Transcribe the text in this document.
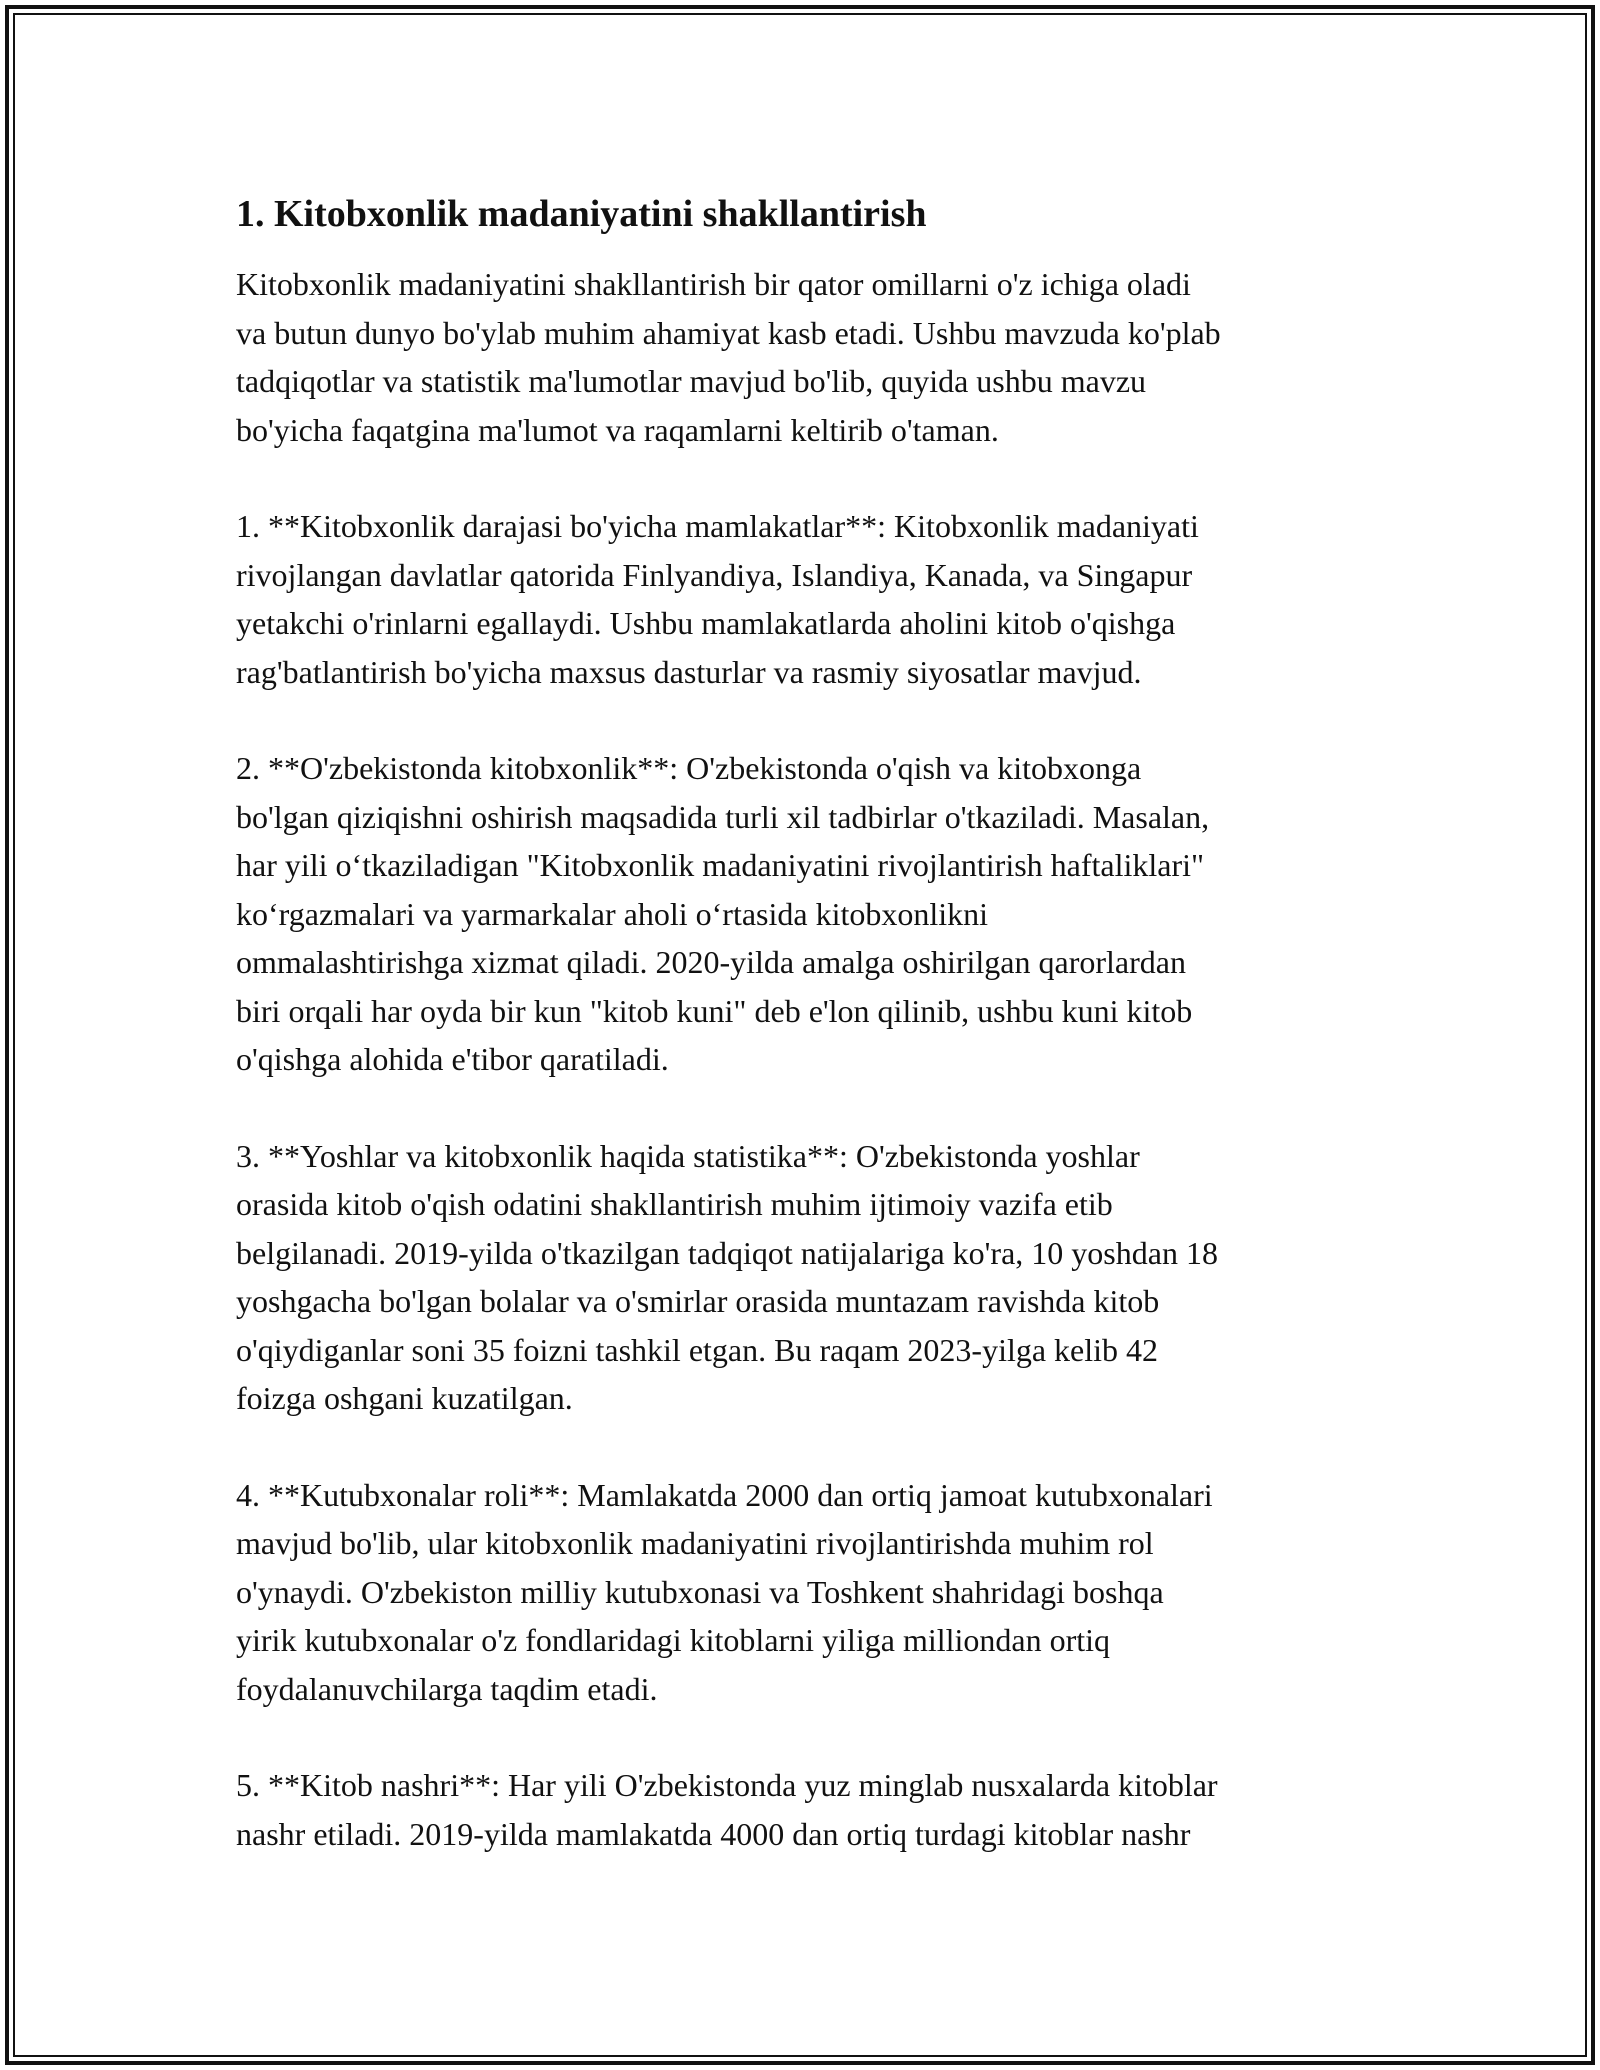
1. Kitobxonlik madaniyatini shakllantirish

Kitobxonlik madaniyatini shakllantirish bir qator omillarni o'z ichiga oladi
va butun dunyo bo'ylab muhim ahamiyat kasb etadi. Ushbu mavzuda ko'plab
tadqiqotlar va statistik ma'lumotlar mavjud bo'lib, quyida ushbu mavzu
bo'yicha faqatgina ma'lumot va raqamlarni keltirib o'taman.

1. **Kitobxonlik darajasi bo'yicha mamlakatlar**: Kitobxonlik madaniyati
rivojlangan davlatlar qatorida Finlyandiya, Islandiya, Kanada, va Singapur
yetakchi o'rinlarni egallaydi. Ushbu mamlakatlarda aholini kitob o'qishga
rag'batlantirish bo'yicha maxsus dasturlar va rasmiy siyosatlar mavjud.

2. **O'zbekistonda kitobxonlik**: O'zbekistonda o'qish va kitobxonga
bo'lgan qiziqishni oshirish maqsadida turli xil tadbirlar o'tkaziladi. Masalan,
har yili o‘tkaziladigan "Kitobxonlik madaniyatini rivojlantirish haftaliklari"
ko‘rgazmalari va yarmarkalar aholi o‘rtasida kitobxonlikni
ommalashtirishga xizmat qiladi. 2020-yilda amalga oshirilgan qarorlardan
biri orqali har oyda bir kun "kitob kuni" deb e'lon qilinib, ushbu kuni kitob
o'qishga alohida e'tibor qaratiladi.

3. **Yoshlar va kitobxonlik haqida statistika**: O'zbekistonda yoshlar
orasida kitob o'qish odatini shakllantirish muhim ijtimoiy vazifa etib
belgilanadi. 2019-yilda o'tkazilgan tadqiqot natijalariga ko'ra, 10 yoshdan 18
yoshgacha bo'lgan bolalar va o'smirlar orasida muntazam ravishda kitob
o'qiydiganlar soni 35 foizni tashkil etgan. Bu raqam 2023-yilga kelib 42
foizga oshgani kuzatilgan.

4. **Kutubxonalar roli**: Mamlakatda 2000 dan ortiq jamoat kutubxonalari
mavjud bo'lib, ular kitobxonlik madaniyatini rivojlantirishda muhim rol
o'ynaydi. O'zbekiston milliy kutubxonasi va Toshkent shahridagi boshqa
yirik kutubxonalar o'z fondlaridagi kitoblarni yiliga milliondan ortiq
foydalanuvchilarga taqdim etadi.

5. **Kitob nashri**: Har yili O'zbekistonda yuz minglab nusxalarda kitoblar
nashr etiladi. 2019-yilda mamlakatda 4000 dan ortiq turdagi kitoblar nashr
